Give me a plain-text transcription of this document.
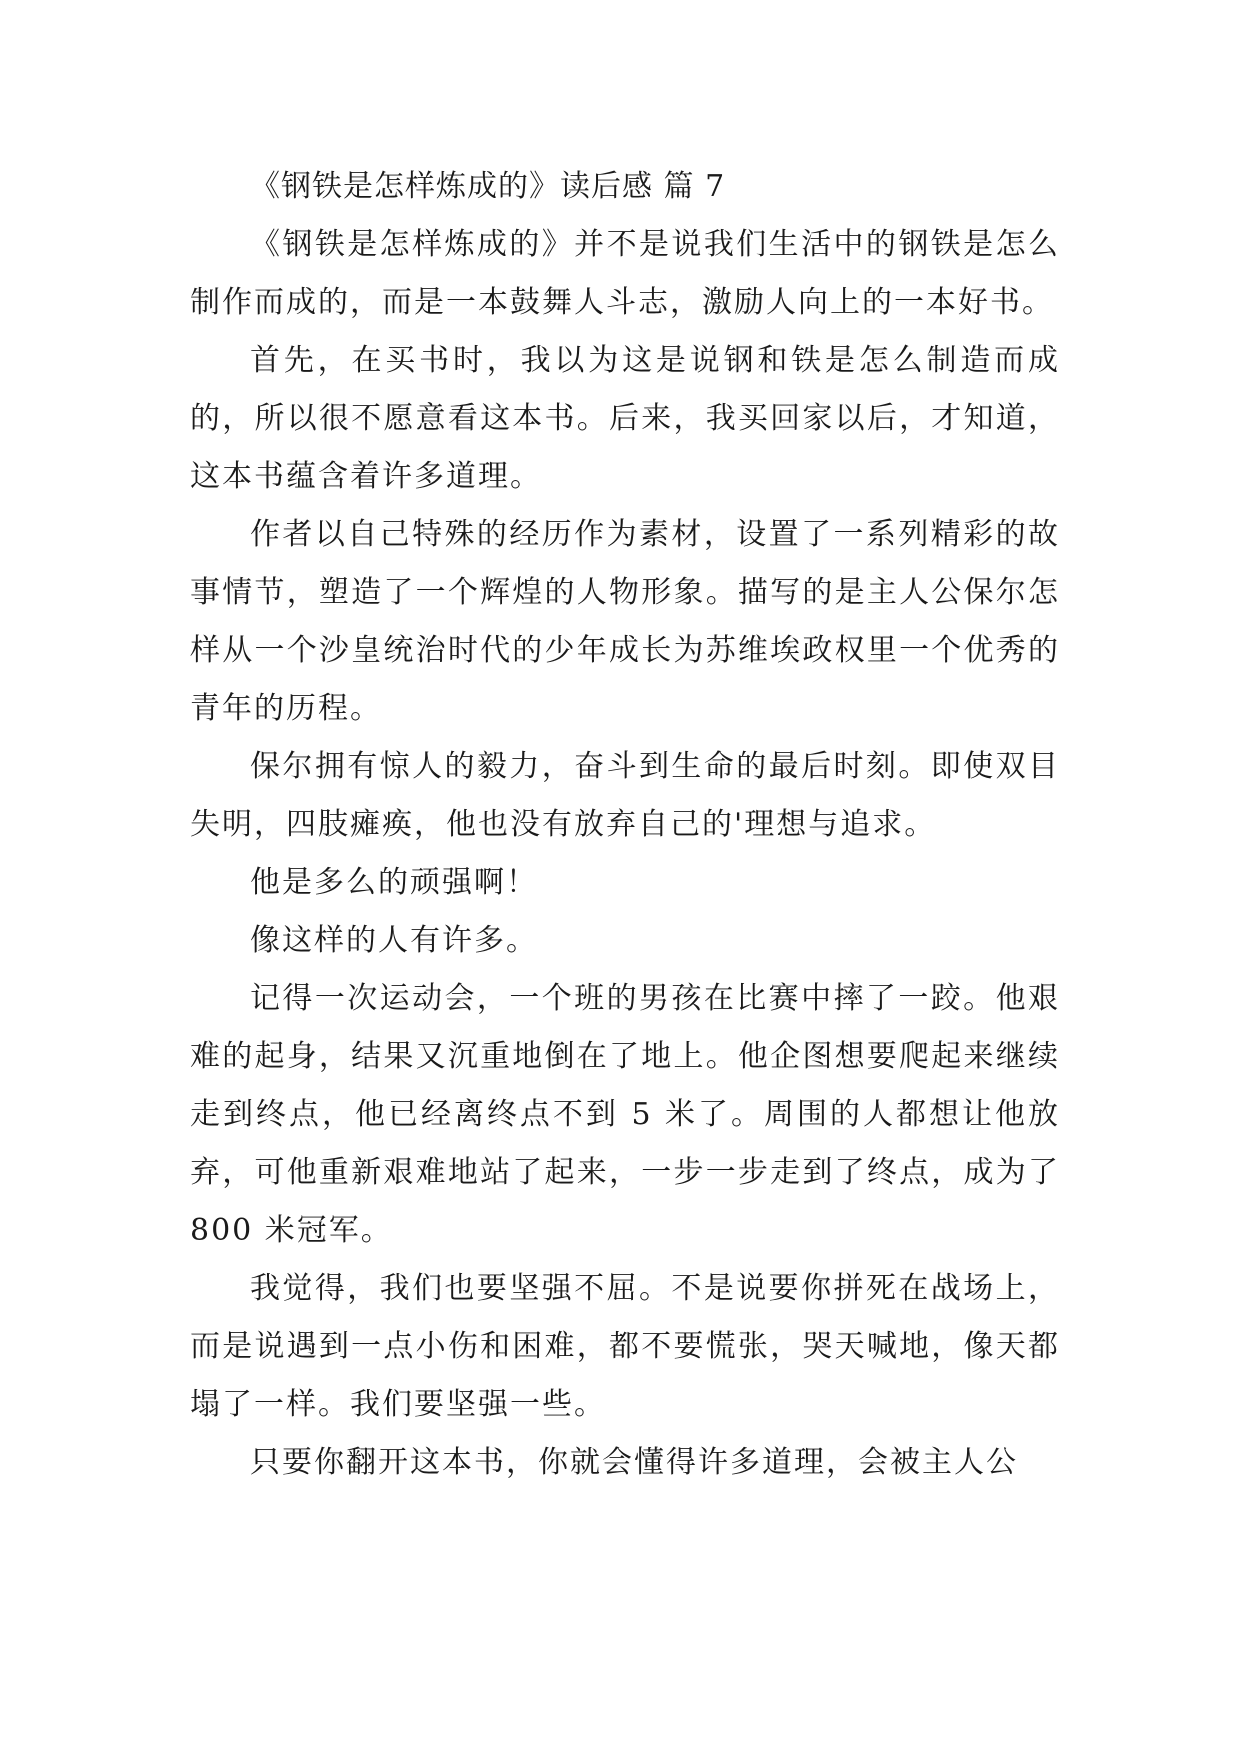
《钢铁是怎样炼成的》读后感 篇 7

《钢铁是怎样炼成的》并不是说我们生活中的钢铁是怎么制作而成的，而是一本鼓舞人斗志，激励人向上的一本好书。

首先，在买书时，我以为这是说钢和铁是怎么制造而成的，所以很不愿意看这本书。后来，我买回家以后，才知道，这本书蕴含着许多道理。

作者以自己特殊的经历作为素材，设置了一系列精彩的故事情节，塑造了一个辉煌的人物形象。描写的是主人公保尔怎样从一个沙皇统治时代的少年成长为苏维埃政权里一个优秀的青年的历程。

保尔拥有惊人的毅力，奋斗到生命的最后时刻。即使双目失明，四肢瘫痪，他也没有放弃自己的'理想与追求。

他是多么的顽强啊！

像这样的人有许多。

记得一次运动会，一个班的男孩在比赛中摔了一跤。他艰难的起身，结果又沉重地倒在了地上。他企图想要爬起来继续走到终点，他已经离终点不到 5 米了。周围的人都想让他放弃，可他重新艰难地站了起来，一步一步走到了终点，成为了 800 米冠军。

我觉得，我们也要坚强不屈。不是说要你拼死在战场上，而是说遇到一点小伤和困难，都不要慌张，哭天喊地，像天都塌了一样。我们要坚强一些。

只要你翻开这本书，你就会懂得许多道理，会被主人公
